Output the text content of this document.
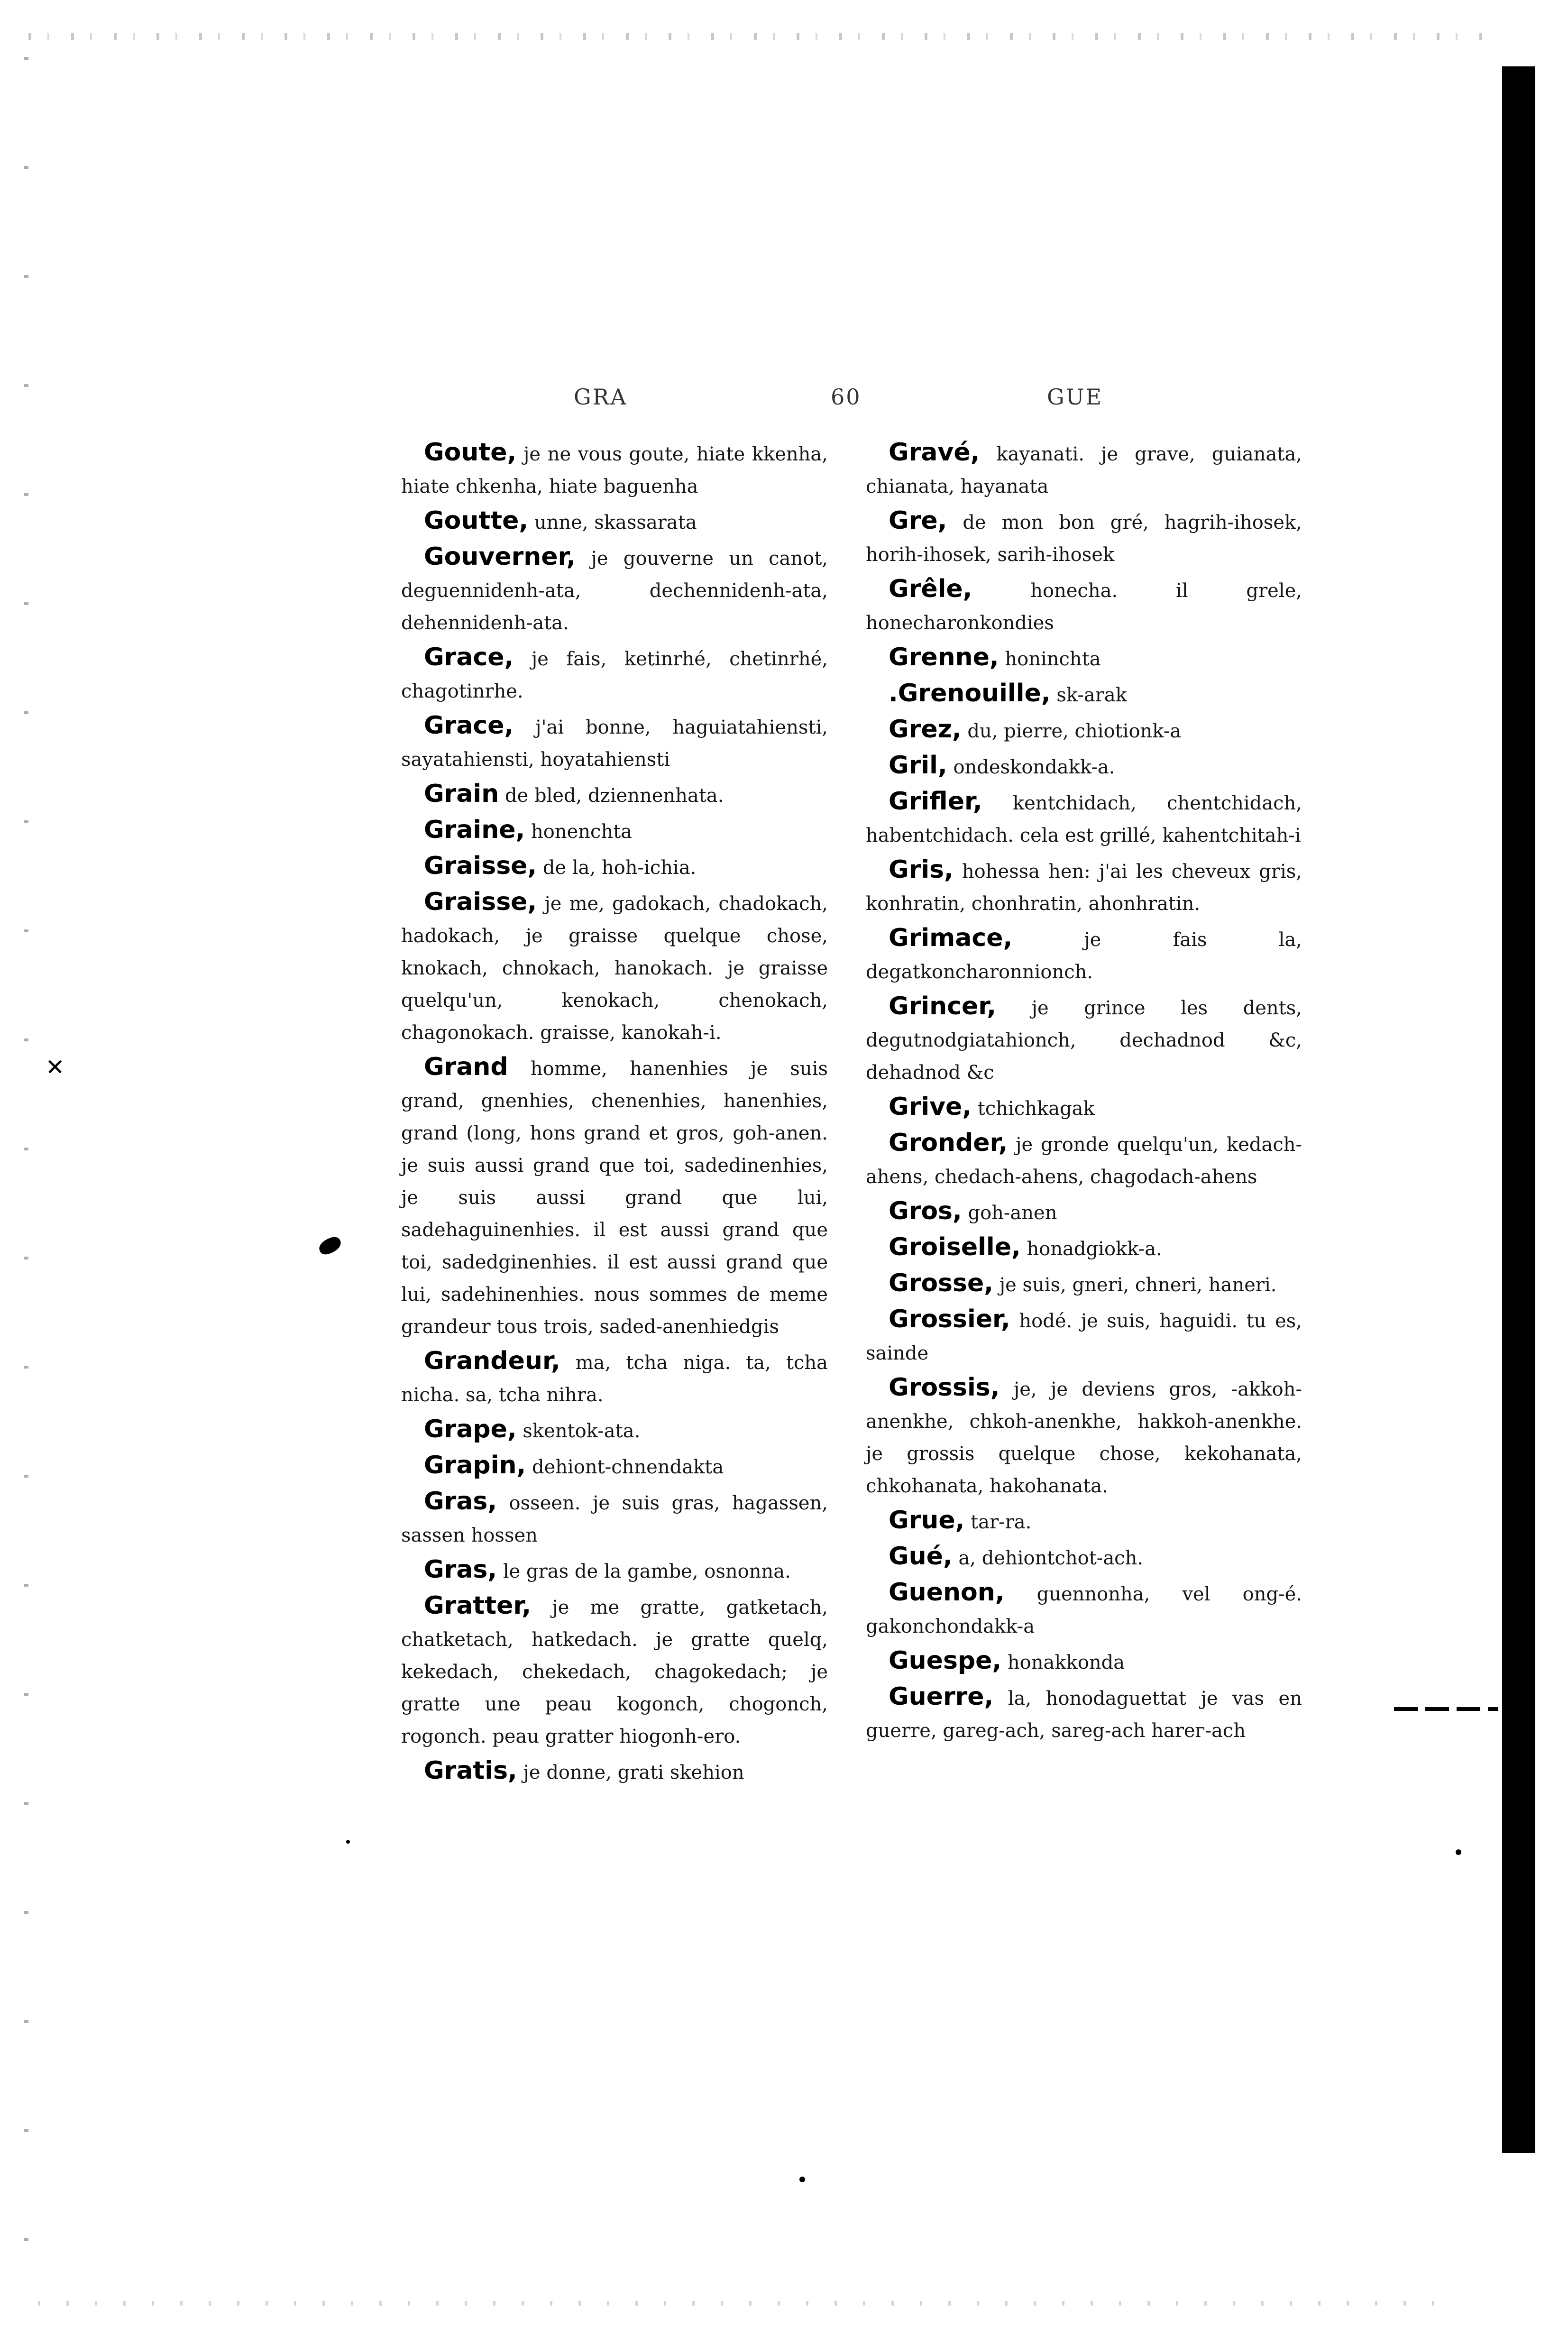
✕
GRA	60	GUE

Goute, je ne vous goute, hiate kkenha, hiate chkenha, hiate baguenha

Goutte, unne, skassarata

Gouverner, je gouverne un canot, deguennidenh-ata, dechennidenh-ata, dehennidenh-ata.

Grace, je fais, ketinrhé, chetinrhé, chagotinrhe.

Grace, j'ai bonne, haguiatahiensti, sayatahiensti, hoyatahiensti

Grain de bled, dziennenhata.

Graine, honenchta

Graisse, de la, hoh-ichia.

Graisse, je me, gadokach, chadokach, hadokach, je graisse quelque chose, knokach, chnokach, hanokach. je graisse quelqu'un, kenokach, chenokach, chagonokach. graisse, kanokah-i.

Grand homme, hanenhies je suis grand, gnenhies, chenenhies, hanenhies, grand (long, hons grand et gros, goh-anen. je suis aussi grand que toi, sadedinenhies, je suis aussi grand que lui, sadehaguinenhies. il est aussi grand que toi, sadedginenhies. il est aussi grand que lui, sadehinenhies. nous sommes de meme grandeur tous trois, saded-anenhiedgis

Grandeur, ma, tcha niga. ta, tcha nicha. sa, tcha nihra.

Grape, skentok-ata.

Grapin, dehiont-chnendakta

Gras, osseen. je suis gras, hagassen, sassen hossen

Gras, le gras de la gambe, osnonna.

Gratter, je me gratte, gatketach, chatketach, hatkedach. je gratte quelq, kekedach, chekedach, chagokedach; je gratte une peau kogonch, chogonch, rogonch. peau gratter hiogonh-ero.

Gratis, je donne, grati skehion

Gravé, kayanati. je grave, guianata, chianata, hayanata

Gre, de mon bon gré, hagrih-ihosek, horih-ihosek, sarih-ihosek

Grêle, honecha. il grele, honecharonkondies

Grenne, honinchta

.Grenouille, sk-arak

Grez, du, pierre, chiotionk-a

Gril, ondeskondakk-a.

Grifler, kentchidach, chentchidach, habentchidach. cela est grillé, kahentchitah-i

Gris, hohessa hen: j'ai les cheveux gris, konhratin, chonhratin, ahonhratin.

Grimace, je fais la, degatkoncharonnionch.

Grincer, je grince les dents, degutnodgiatahionch, dechadnod &c, dehadnod &c

Grive, tchichkagak

Gronder, je gronde quelqu'un, kedach-ahens, chedach-ahens, chagodach-ahens

Gros, goh-anen

Groiselle, honadgiokk-a.

Grosse, je suis, gneri, chneri, haneri.

Grossier, hodé. je suis, haguidi. tu es, sainde

Grossis, je, je deviens gros, -akkoh-anenkhe, chkoh-anenkhe, hakkoh-anenkhe. je grossis quelque chose, kekohanata, chkohanata, hakohanata.

Grue, tar-ra.

Gué, a, dehiontchot-ach.

Guenon, guennonha, vel ong-é. gakonchondakk-a

Guespe, honakkonda

Guerre, la, honodaguettat je vas en guerre, gareg-ach, sareg-ach harег-ach
